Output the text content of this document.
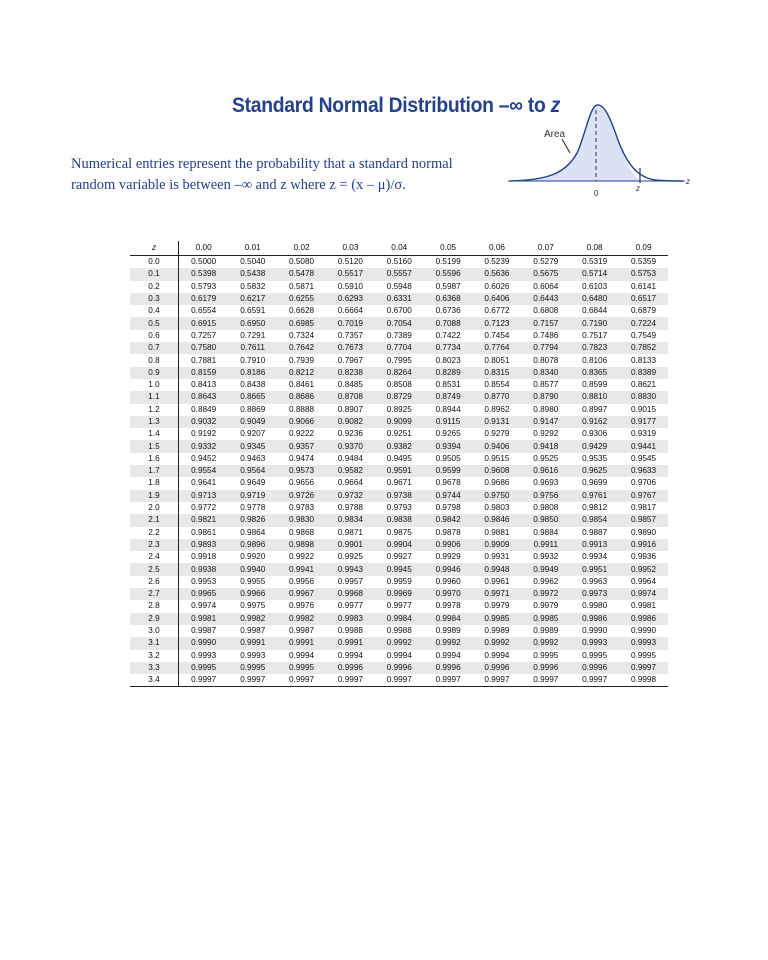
Standard Normal Distribution –∞ to z

Numerical entries represent the probability that a standard normal

random variable is between –∞ and z where z = (x – μ)/σ.

Area
0
z
z
z	0.00	0.01	0.02	0.03	0.04	0.05	0.06	0.07	0.08	0.09
0.0	0.5000	0.5040	0.5080	0.5120	0.5160	0.5199	0.5239	0.5279	0.5319	0.5359
0.1	0.5398	0.5438	0.5478	0.5517	0.5557	0.5596	0.5636	0.5675	0.5714	0.5753
0.2	0.5793	0.5832	0.5871	0.5910	0.5948	0.5987	0.6026	0.6064	0.6103	0.6141
0.3	0.6179	0.6217	0.6255	0.6293	0.6331	0.6368	0.6406	0.6443	0.6480	0.6517
0.4	0.6554	0.6591	0.6628	0.6664	0.6700	0.6736	0.6772	0.6808	0.6844	0.6879
0.5	0.6915	0.6950	0.6985	0.7019	0.7054	0.7088	0.7123	0.7157	0.7190	0.7224
0.6	0.7257	0.7291	0.7324	0.7357	0.7389	0.7422	0.7454	0.7486	0.7517	0.7549
0.7	0.7580	0.7611	0.7642	0.7673	0.7704	0.7734	0.7764	0.7794	0.7823	0.7852
0.8	0.7881	0.7910	0.7939	0.7967	0.7995	0.8023	0.8051	0.8078	0.8106	0.8133
0.9	0.8159	0.8186	0.8212	0.8238	0.8264	0.8289	0.8315	0.8340	0.8365	0.8389
1.0	0.8413	0.8438	0.8461	0.8485	0.8508	0.8531	0.8554	0.8577	0.8599	0.8621
1.1	0.8643	0.8665	0.8686	0.8708	0.8729	0.8749	0.8770	0.8790	0.8810	0.8830
1.2	0.8849	0.8869	0.8888	0.8907	0.8925	0.8944	0.8962	0.8980	0.8997	0.9015
1.3	0.9032	0.9049	0.9066	0.9082	0.9099	0.9115	0.9131	0.9147	0.9162	0.9177
1.4	0.9192	0.9207	0.9222	0.9236	0.9251	0.9265	0.9279	0.9292	0.9306	0.9319
1.5	0.9332	0.9345	0.9357	0.9370	0.9382	0.9394	0.9406	0.9418	0.9429	0.9441
1.6	0.9452	0.9463	0.9474	0.9484	0.9495	0.9505	0.9515	0.9525	0.9535	0.9545
1.7	0.9554	0.9564	0.9573	0.9582	0.9591	0.9599	0.9608	0.9616	0.9625	0.9633
1.8	0.9641	0.9649	0.9656	0.9664	0.9671	0.9678	0.9686	0.9693	0.9699	0.9706
1.9	0.9713	0.9719	0.9726	0.9732	0.9738	0.9744	0.9750	0.9756	0.9761	0.9767
2.0	0.9772	0.9778	0.9783	0.9788	0.9793	0.9798	0.9803	0.9808	0.9812	0.9817
2.1	0.9821	0.9826	0.9830	0.9834	0.9838	0.9842	0.9846	0.9850	0.9854	0.9857
2.2	0.9861	0.9864	0.9868	0.9871	0.9875	0.9878	0.9881	0.9884	0.9887	0.9890
2.3	0.9893	0.9896	0.9898	0.9901	0.9904	0.9906	0.9909	0.9911	0.9913	0.9916
2.4	0.9918	0.9920	0.9922	0.9925	0.9927	0.9929	0.9931	0.9932	0.9934	0.9936
2.5	0.9938	0.9940	0.9941	0.9943	0.9945	0.9946	0.9948	0.9949	0.9951	0.9952
2.6	0.9953	0.9955	0.9956	0.9957	0.9959	0.9960	0.9961	0.9962	0.9963	0.9964
2.7	0.9965	0.9966	0.9967	0.9968	0.9969	0.9970	0.9971	0.9972	0.9973	0.9974
2.8	0.9974	0.9975	0.9976	0.9977	0.9977	0.9978	0.9979	0.9979	0.9980	0.9981
2.9	0.9981	0.9982	0.9982	0.9983	0.9984	0.9984	0.9985	0.9985	0.9986	0.9986
3.0	0.9987	0.9987	0.9987	0.9988	0.9988	0.9989	0.9989	0.9989	0.9990	0.9990
3.1	0.9990	0.9991	0.9991	0.9991	0.9992	0.9992	0.9992	0.9992	0.9993	0.9993
3.2	0.9993	0.9993	0.9994	0.9994	0.9994	0.9994	0.9994	0.9995	0.9995	0.9995
3.3	0.9995	0.9995	0.9995	0.9996	0.9996	0.9996	0.9996	0.9996	0.9996	0.9997
3.4	0.9997	0.9997	0.9997	0.9997	0.9997	0.9997	0.9997	0.9997	0.9997	0.9998
